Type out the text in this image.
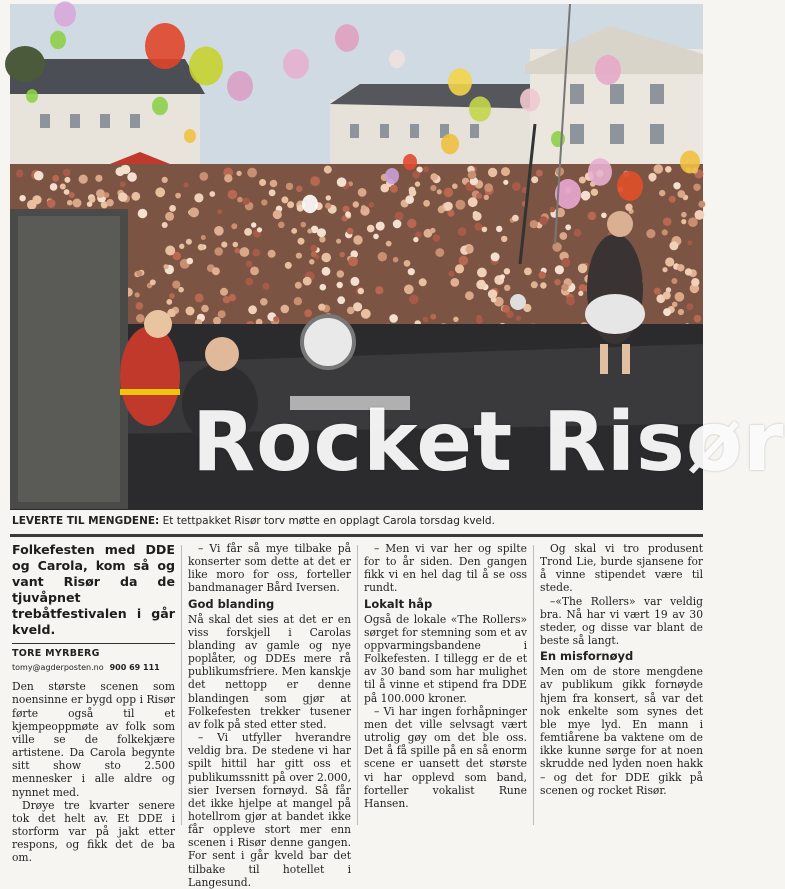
Rocket Risør
LEVERTE TIL MENGDENE: Et tettpakket Risør torv møtte en opplagt Carola torsdag kveld.

Folkefesten med DDE og Carola, kom så og vant Risør da de tjuvåpnet trebåtfestivalen i går kveld.

TORE MYRBERG
tomy@agderposten.no 900 69 111

Den største scenen som noensinne er bygd opp i Risør førte også til et kjempeoppmøte av folk som ville se de folkekjære artistene. Da Carola begynte sitt show sto 2.500 mennesker i alle aldre og nynnet med.

Drøye tre kvarter senere tok det helt av. Et DDE i storform var på jakt etter respons, og fikk det de ba om.

– Vi får så mye tilbake på konserter som dette at det er like moro for oss, forteller bandmanager Bård Iversen.

God blanding

Nå skal det sies at det er en viss forskjell i Carolas blanding av gamle og nye poplåter, og DDEs mere rå publikumsfriere. Men kanskje det nettopp er denne blandingen som gjør at Folkefesten trekker tusener av folk på sted etter sted.

– Vi utfyller hverandre veldig bra. De stedene vi har spilt hittil har gitt oss et publikumssnitt på over 2.000, sier Iversen fornøyd. Så får det ikke hjelpe at mangel på hotellrom gjør at bandet ikke får oppleve stort mer enn scenen i Risør denne gangen. For sent i går kveld bar det tilbake til hotellet i Langesund.

– Men vi var her og spilte for to år siden. Den gangen fikk vi en hel dag til å se oss rundt.

Lokalt håp

Også de lokale «The Rollers» sørget for stemning som et av oppvarmingsbandene i Folkefesten. I tillegg er de et av 30 band som har mulighet til å vinne et stipend fra DDE på 100.000 kroner.

– Vi har ingen forhåpninger men det ville selvsagt vært utrolig gøy om det ble oss. Det å få spille på en så enorm scene er uansett det største vi har opplevd som band, forteller vokalist Rune Hansen.

Og skal vi tro produsent Trond Lie, burde sjansene for å vinne stipendet være til stede.

–«The Rollers» var veldig bra. Nå har vi vært 19 av 30 steder, og disse var blant de beste så langt.

En misfornøyd

Men om de store mengdene av publikum gikk fornøyde hjem fra konsert, så var det nok enkelte som synes det ble mye lyd. En mann i femtiårene ba vaktene om de ikke kunne sørge for at noen skrudde ned lyden noen hakk – og det for DDE gikk på scenen og rocket Risør.
